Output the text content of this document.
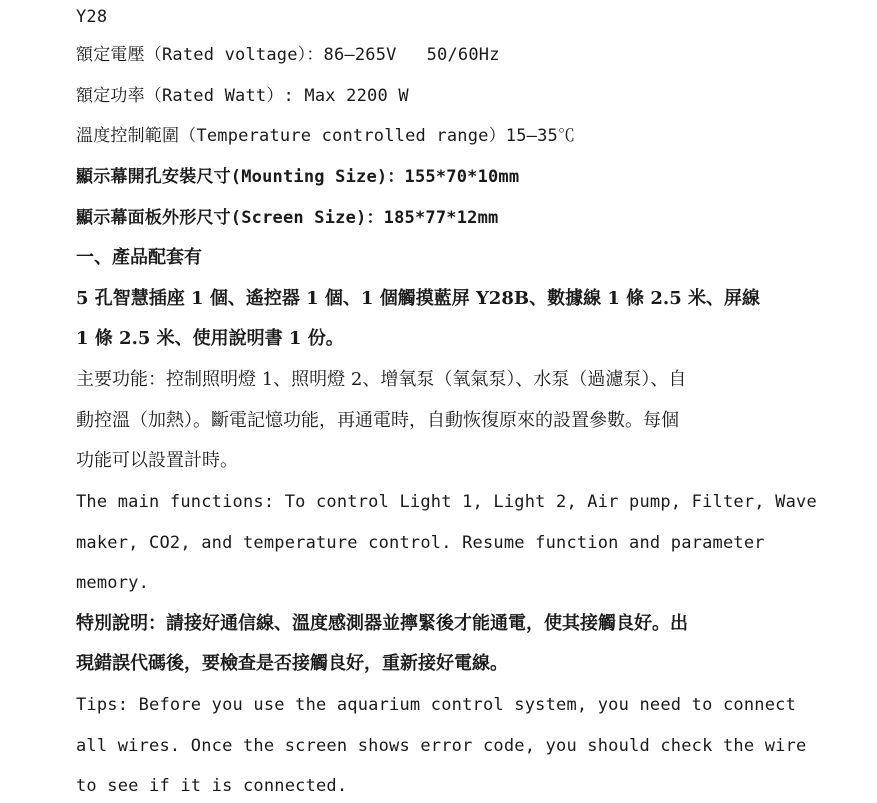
Y28
額定電壓（Rated voltage）：86—265V 50/60Hz
額定功率（Rated Watt）: Max 2200 W
溫度控制範圍（Temperature controlled range）15—35℃
顯示幕開孔安裝尺寸(Mounting Size)：155*70*10mm
顯示幕面板外形尺寸(Screen Size)：185*77*12mm
一、產品配套有
5 孔智慧插座 1 個、遙控器 1 個、1 個觸摸藍屏 Y28B、數據線 1 條 2.5 米、屏線
1 條 2.5 米、使用說明書 1 份。
主要功能：控制照明燈 1、照明燈 2、增氧泵（氧氣泵）、水泵（過濾泵）、自
動控溫（加熱）。斷電記憶功能，再通電時，自動恢復原來的設置參數。每個
功能可以設置計時。
The main functions: To control Light 1, Light 2, Air pump, Filter, Wave
maker, CO2, and temperature control. Resume function and parameter
memory.
特別說明：請接好通信線、溫度感測器並擰緊後才能通電，使其接觸良好。出
現錯誤代碼後，要檢查是否接觸良好，重新接好電線。
Tips: Before you use the aquarium control system, you need to connect
all wires. Once the screen shows error code, you should check the wire
to see if it is connected.
